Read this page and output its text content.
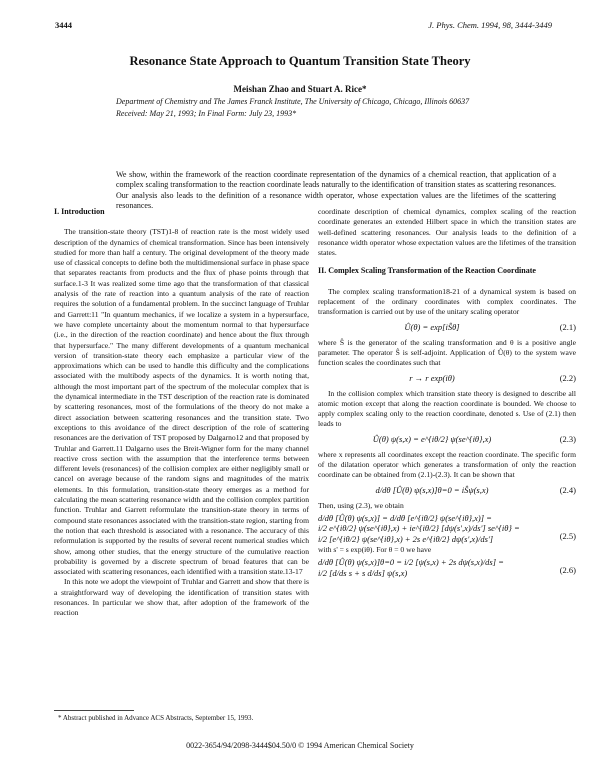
3444	J. Phys. Chem. 1994, 98, 3444-3449
Resonance State Approach to Quantum Transition State Theory
Meishan Zhao and Stuart A. Rice*
Department of Chemistry and The James Franck Institute, The University of Chicago, Chicago, Illinois 60637
Received: May 21, 1993; In Final Form: July 23, 1993*
We show, within the framework of the reaction coordinate representation of the dynamics of a chemical reaction, that application of a complex scaling transformation to the reaction coordinate leads naturally to the identification of transition states as scattering resonances. Our analysis also leads to the definition of a resonance width operator, whose expectation values are the lifetimes of the scattering resonances.
I. Introduction

The transition-state theory (TST)1-8 of reaction rate is the most widely used description of the dynamics of chemical transformation. Since has been intensively studied for more than half a century. The original development of the theory made use of classical concepts to define both the multidimensional surface in phase space that separates reactants from products and the flux of phase points through that surface.1-3 It was realized some time ago that the transformation of that classical analysis of the rate of reaction into a quantum analysis of the rate of reaction requires the solution of a fundamental problem. In the succinct language of Truhlar and Garrett:11 "In quantum mechanics, if we localize a system in a hypersurface, we have complete uncertainty about the momentum normal to that hypersurface (i.e., in the direction of the reaction coordinate) and hence about the flux through that hypersurface." The many different developments of a quantum mechanical version of transition-state theory each emphasize a particular view of the approximations which can be used to handle this difficulty and the complications associated with the multibody aspects of the dynamics. It is worth noting that, although the most important part of the spectrum of the molecular complex that is the dynamical intermediate in the TST description of the reaction rate is dominated by scattering resonances, most of the formulations of the theory do not make a direct association between scattering resonances and the transition state. Two exceptions to this avoidance of the direct description of the role of scattering resonances are the derivation of TST proposed by Dalgarno12 and that proposed by Truhlar and Garrett.11 Dalgarno uses the Breit-Wigner form for the many channel reactive cross section with the assumption that the interference terms between different levels (resonances) of the collision complex are either negligibly small or cancel on average because of the random signs and magnitudes of the matrix elements. In this formulation, transition-state theory emerges as a method for calculating the mean scattering resonance width and the collision complex partition function. Truhlar and Garrett reformulate the transition-state theory in terms of compound state resonances associated with the transition-state region, starting from the notion that each threshold is associated with a resonance. The accuracy of this reformulation is supported by the results of several recent numerical studies which show, among other studies, that the energy structure of the cumulative reaction probability is governed by a discrete spectrum of broad features that can be associated with scattering resonances, each identified with a transition state.13-17

In this note we adopt the viewpoint of Truhlar and Garrett and show that there is a straightforward way of developing the identification of transition states with resonances. In particular we show that, after adoption of the framework of the reaction

coordinate description of chemical dynamics, complex scaling of the reaction coordinate generates an extended Hilbert space in which the transition states are well-defined scattering resonances. Our analysis leads to the definition of a resonance width operator whose expectation values are the lifetimes of the transition states.

II. Complex Scaling Transformation of the Reaction Coordinate

The complex scaling transformation18-21 of a dynamical system is based on replacement of the ordinary coordinates with complex coordinates. The transformation is carried out by use of the unitary scaling operator

Û(θ) = exp[iŜθ]	(2.1)

where Ŝ is the generator of the scaling transformation and θ is a positive angle parameter. The operator Ŝ is self-adjoint. Application of Û(θ) to the system wave function scales the coordinates such that

r → r exp(iθ)	(2.2)

In the collision complex which transition state theory is designed to describe all atomic motion except that along the reaction coordinate is bounded. We choose to apply complex scaling only to the reaction coordinate, denoted s. Use of (2.1) then leads to

Û(θ) ψ(s,x) = e^{iθ/2} ψ(se^{iθ},x)	(2.3)

where x represents all coordinates except the reaction coordinate. The specific form of the dilatation operator which generates a transformation of only the reaction coordinate can be obtained from (2.1)-(2.3). It can be shown that

d/dθ [Û(θ) ψ(s,x)]θ=0 = iŜψ(s,x)	(2.4)

Then, using (2.3), we obtain

d/dθ [Û(θ) ψ(s,x)] = d/dθ [e^{iθ/2} ψ(se^{iθ},x)] =
i/2 e^{iθ/2} ψ(se^{iθ},x) + ie^{iθ/2} [dψ(s',x)/ds'] se^{iθ} =
i/2 [e^{iθ/2} ψ(se^{iθ},x) + 2s e^{iθ/2} dψ(s',x)/ds']	(2.5)

with s' = s exp(iθ). For θ = 0 we have

d/dθ [Û(θ) ψ(s,x)]θ=0 = i/2 [ψ(s,x) + 2s dψ(s,x)/ds] =
i/2 [d/ds s + s d/ds] ψ(s,x)	(2.6)
* Abstract published in Advance ACS Abstracts, September 15, 1993.
0022-3654/94/2098-3444$04.50/0 © 1994 American Chemical Society
